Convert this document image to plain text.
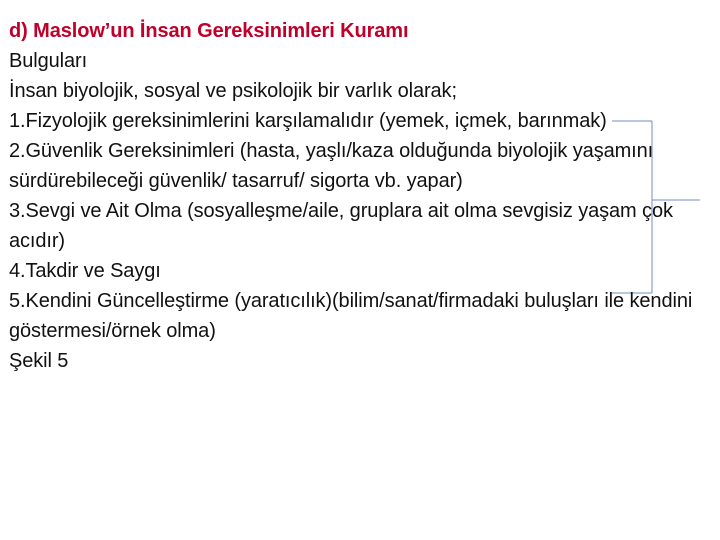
d) Maslow’un İnsan Gereksinimleri Kuramı
Bulguları
İnsan biyolojik, sosyal ve psikolojik bir varlık olarak;
1.Fizyolojik gereksinimlerini karşılamalıdır (yemek, içmek, barınmak)
2.Güvenlik Gereksinimleri (hasta, yaşlı/kaza olduğunda biyolojik yaşamını sürdürebileceği güvenlik/ tasarruf/ sigorta vb. yapar)
3.Sevgi ve Ait Olma (sosyalleşme/aile, gruplara ait olma sevgisiz yaşam çok acıdır)
4.Takdir ve Saygı
5.Kendini Güncelleştirme (yaratıcılık)(bilim/sanat/firmadaki buluşları ile kendini göstermesi/örnek olma)
Şekil 5
